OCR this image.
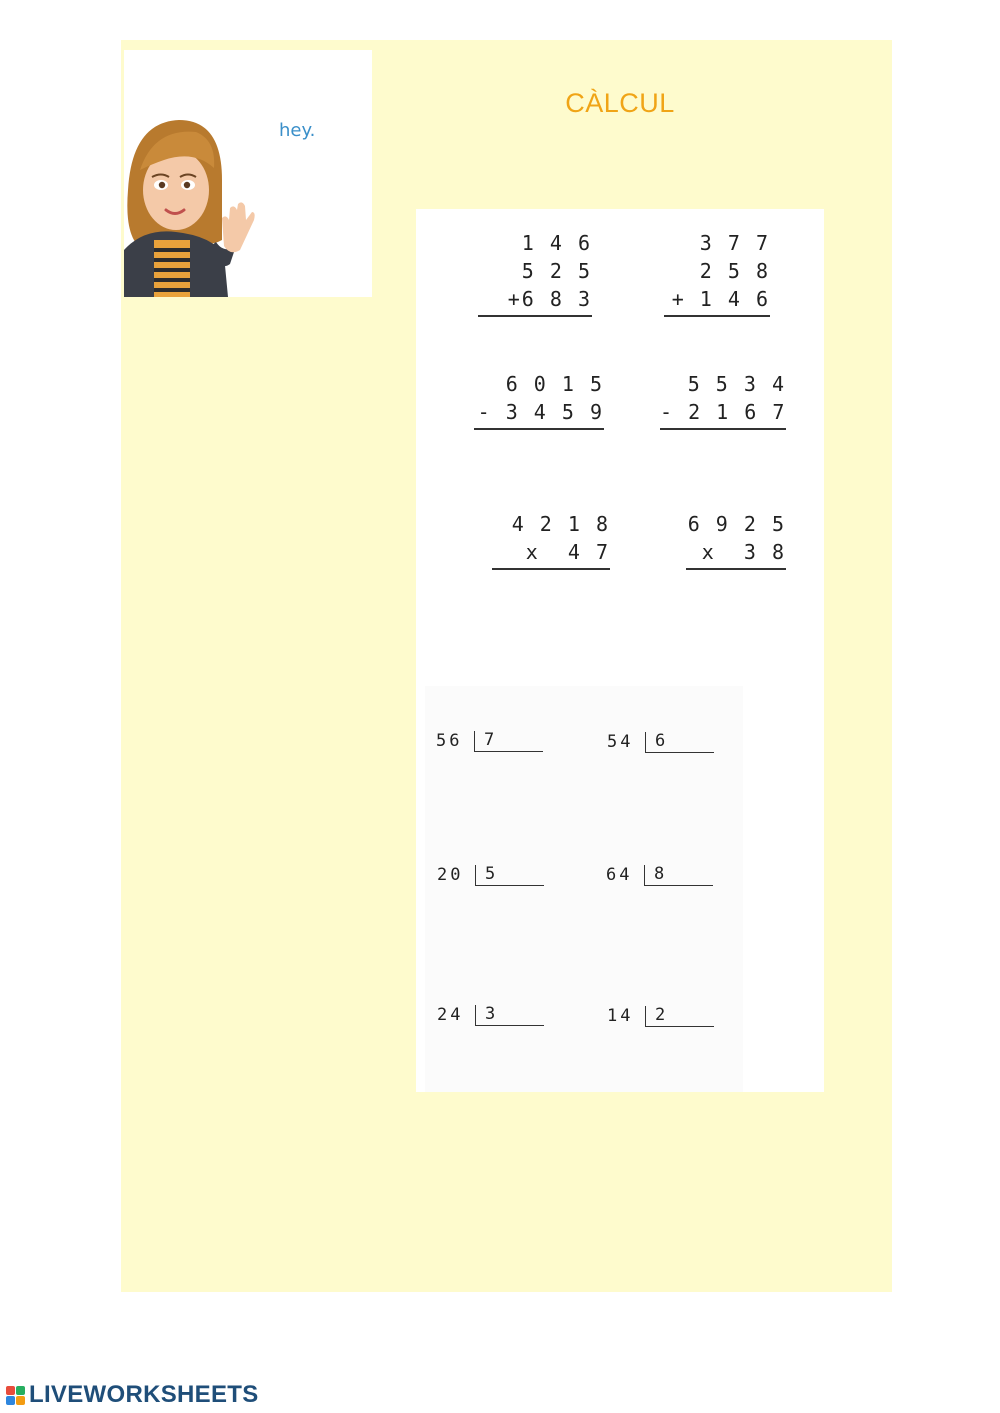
hey.
CÀLCUL
1 4 6
5 2 5
+6 8 3
3 7 7
2 5 8
+ 1 4 6
6 0 1 5
- 3 4 5 9
5 5 3 4
- 2 1 6 7
4 2 1 8
x  4 7
6 9 2 5
x  3 8
56 7	54 6
20 5	64 8
24 3	14 2
LIVEWORKSHEETS
